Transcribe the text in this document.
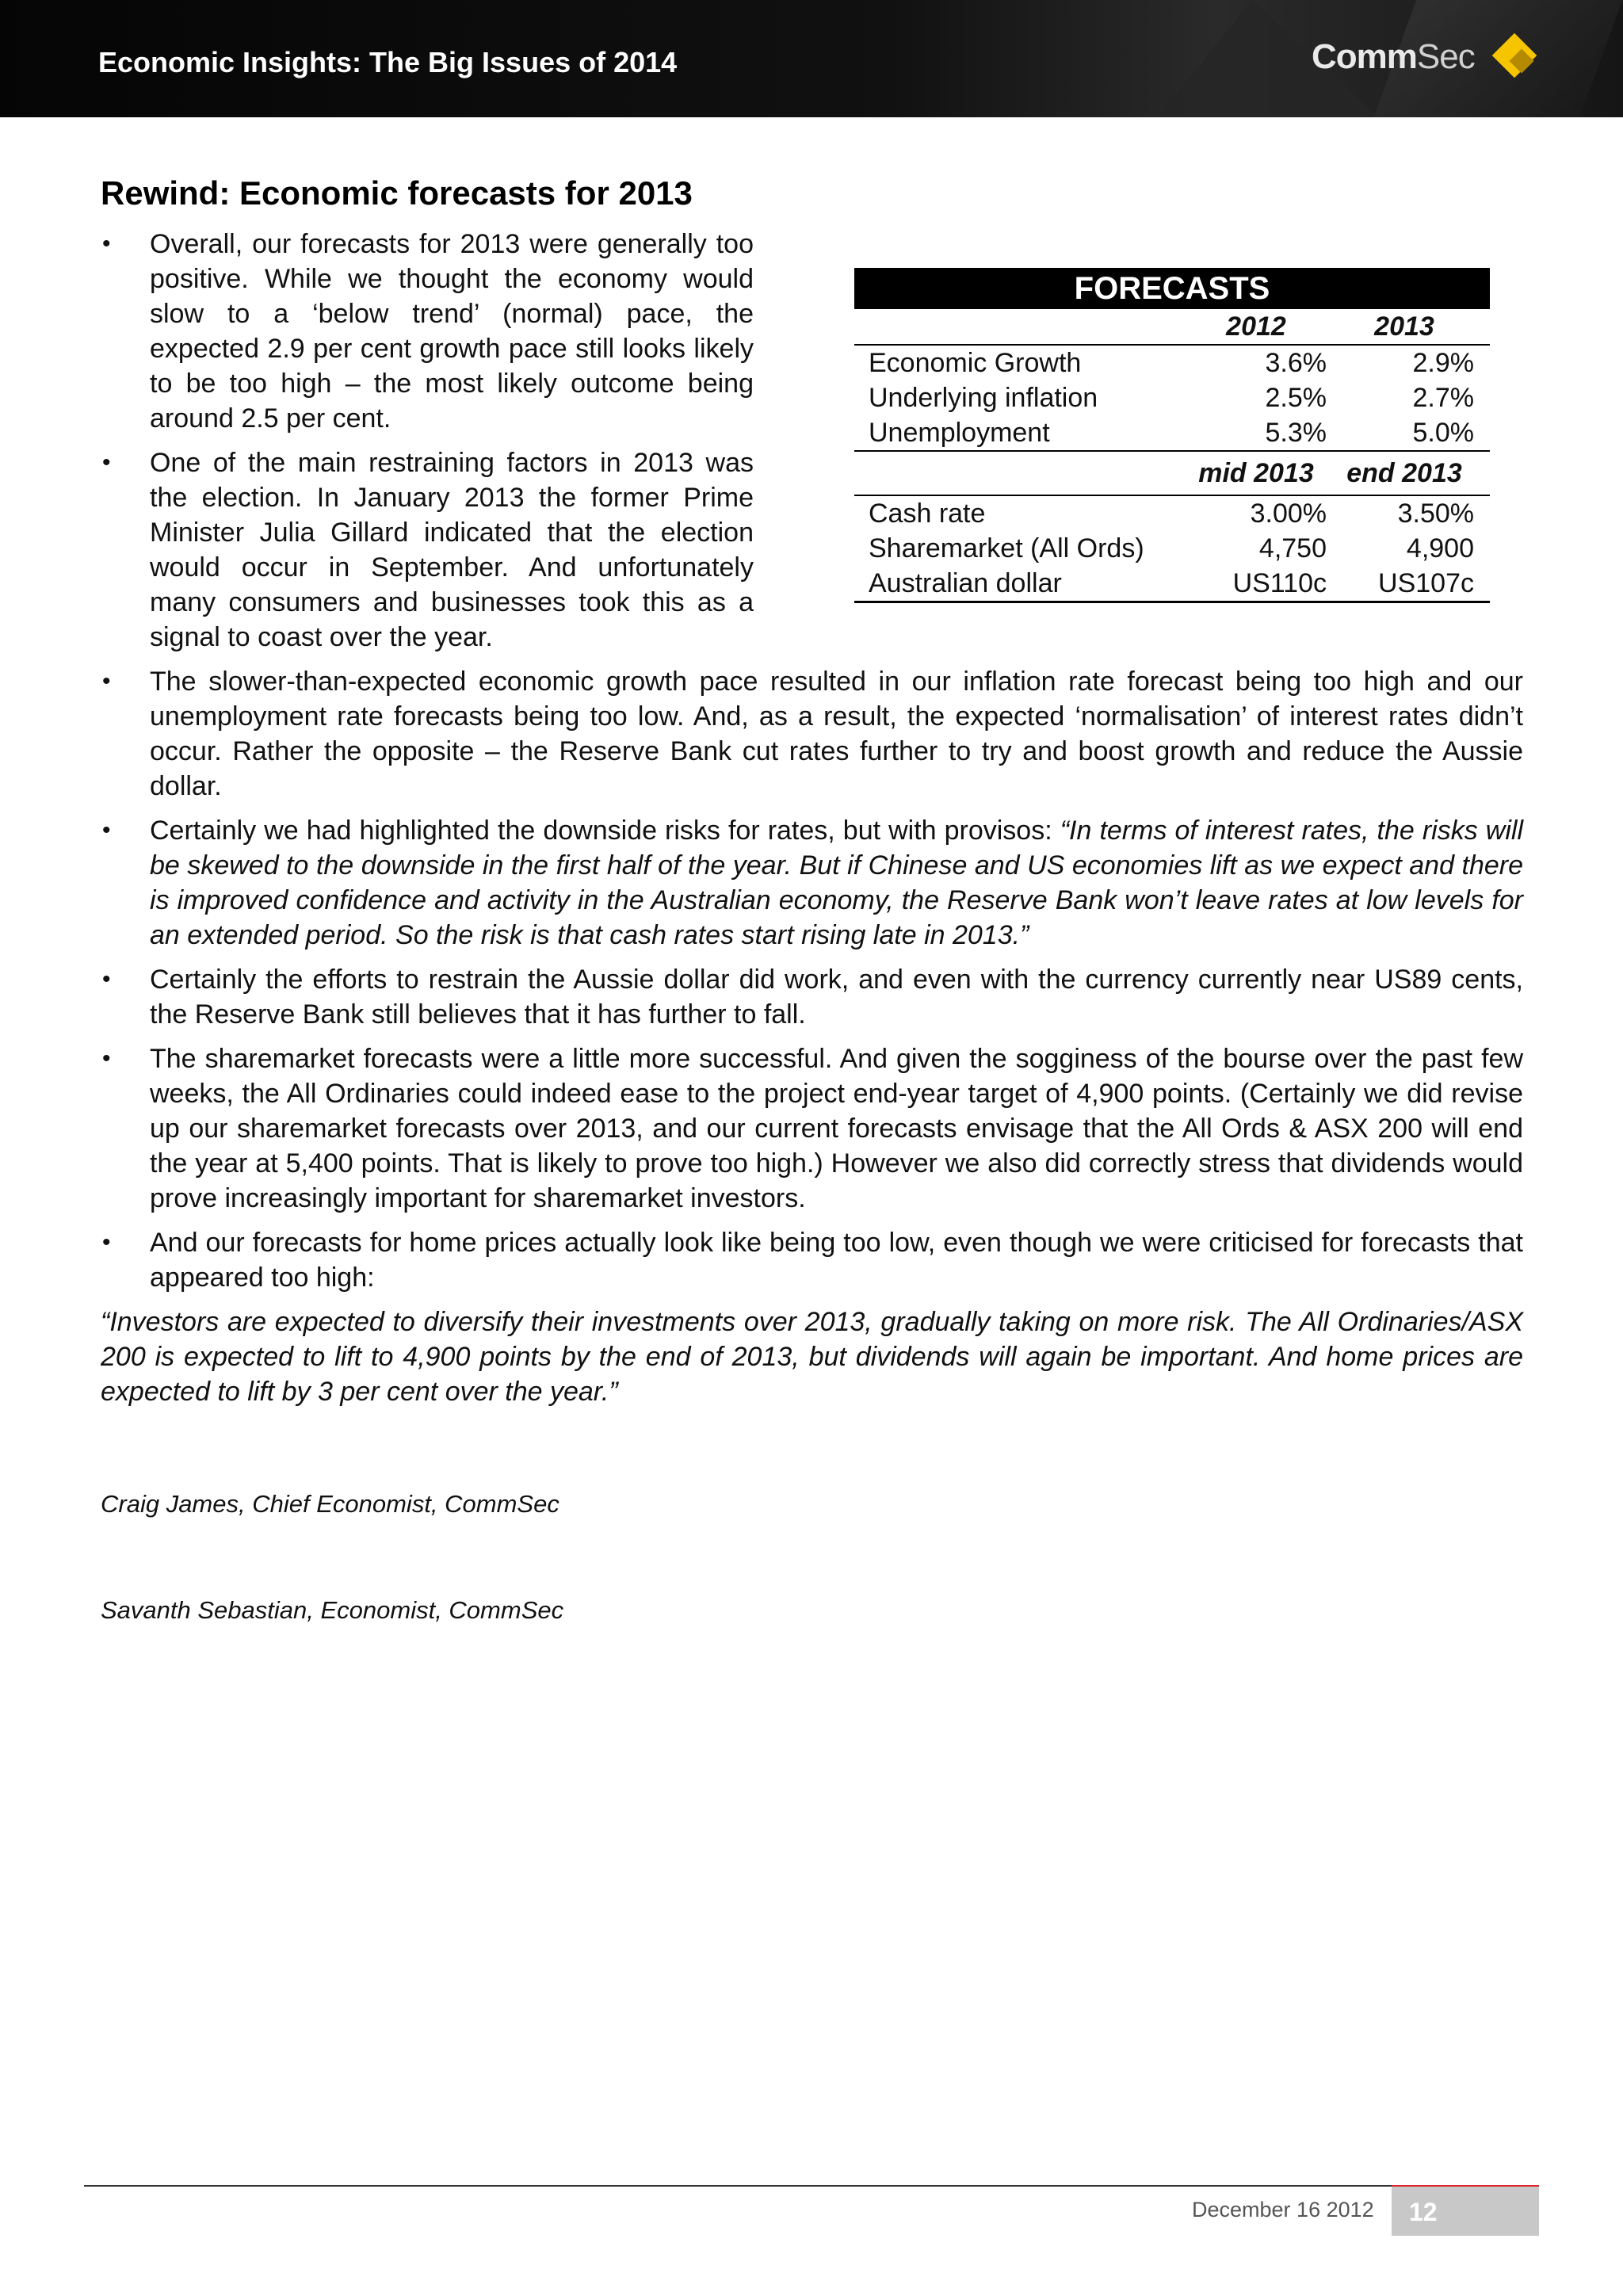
Economic Insights: The Big Issues of 2014	CommSec
FORECASTS
2012	2013
Economic Growth	3.6%	2.9%
Underlying inflation	2.5%	2.7%
Unemployment	5.3%	5.0%
mid 2013	end 2013
Cash rate	3.00%	3.50%
Sharemarket (All Ords)	4,750	4,900
Australian dollar	US110c	US107c
Rewind: Economic forecasts for 2013
• Overall, our forecasts for 2013 were generally too positive. While we thought the economy would slow to a ‘below trend’ (normal) pace, the expected 2.9 per cent growth pace still looks likely to be too high – the most likely outcome being around 2.5 per cent.
• One of the main restraining factors in 2013 was the election. In January 2013 the former Prime Minister Julia Gillard indicated that the election would occur in September. And unfortunately many consumers and businesses took this as a signal to coast over the year.
• The slower-than-expected economic growth pace resulted in our inflation rate forecast being too high and our unemployment rate forecasts being too low. And, as a result, the expected ‘normalisation’ of interest rates didn’t occur. Rather the opposite – the Reserve Bank cut rates further to try and boost growth and reduce the Aussie dollar.
• Certainly we had highlighted the downside risks for rates, but with provisos: “In terms of interest rates, the risks will be skewed to the downside in the first half of the year. But if Chinese and US economies lift as we expect and there is improved confidence and activity in the Australian economy, the Reserve Bank won’t leave rates at low levels for an extended period. So the risk is that cash rates start rising late in 2013.”
• Certainly the efforts to restrain the Aussie dollar did work, and even with the currency currently near US89 cents, the Reserve Bank still believes that it has further to fall.
• The sharemarket forecasts were a little more successful. And given the sogginess of the bourse over the past few weeks, the All Ordinaries could indeed ease to the project end-year target of 4,900 points. (Certainly we did revise up our sharemarket forecasts over 2013, and our current forecasts envisage that the All Ords & ASX 200 will end the year at 5,400 points. That is likely to prove too high.) However we also did correctly stress that dividends would prove increasingly important for sharemarket investors.
• And our forecasts for home prices actually look like being too low, even though we were criticised for forecasts that appeared too high:

“Investors are expected to diversify their investments over 2013, gradually taking on more risk. The All Ordinaries/ASX 200 is expected to lift to 4,900 points by the end of 2013, but dividends will again be important. And home prices are expected to lift by 3 per cent over the year.”

Craig James, Chief Economist, CommSec

Savanth Sebastian, Economist, CommSec

December 16 2012 12
